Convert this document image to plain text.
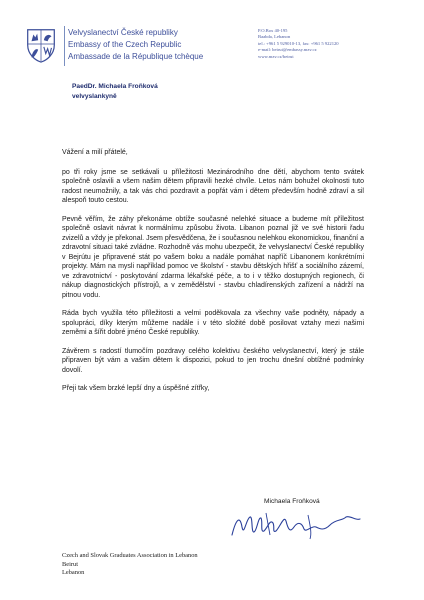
Velvyslanectví České republiky
Embassy of the Czech Republic
Ambassade de la République tchèque
P.O.Box 40-195
Baabda, Lebanon
tel.: +961 5 929010-13, fax: +961 5 922120
e-mail: beirut@embassy.mzv.cz
www.mzv.cz/beirut
PaedDr. Michaela Froňková
velvyslankyně

Vážení a milí přátelé,

po tři roky jsme se setkávali u příležitosti Mezinárodního dne dětí, abychom tento svátek společně oslavili a všem našim dětem připravili hezké chvíle. Letos nám bohužel okolnosti tuto radost neumožnily, a tak vás chci pozdravit a popřát vám i dětem především hodně zdraví a sil alespoň touto cestou.

Pevně věřím, že záhy překonáme obtíže současné nelehké situace a budeme mít příležitost společně oslavit návrat k normálnímu způsobu života. Libanon poznal již ve své historii řadu zvizelů a vždy je překonal. Jsem přesvědčena, že i současnou nelehkou ekonomickou, finanční a zdravotní situaci také zvládne. Rozhodně vás mohu ubezpečit, že velvyslanectví České republiky v Bejrútu je připravené stát po vašem boku a nadále pomáhat napříč Libanonem konkrétními projekty. Mám na mysli například pomoc ve školství - stavbu dětských hřišť a sociálního zázemí, ve zdravotnictví - poskytování zdarma lékařské péče, a to i v těžko dostupných regionech, či nákup diagnostických přístrojů, a v zemědělství - stavbu chladírenských zařízení a nádrží na pitnou vodu.

Ráda bych využila této příležitosti a velmi poděkovala za všechny vaše podněty, nápady a spolupráci, díky kterým můžeme nadále i v této složité době posilovat vztahy mezi našimi zeměmi a šířit dobré jméno České republiky.

Závěrem s radostí tlumočím pozdravy celého kolektivu českého velvyslanectví, který je stále připraven být vám a vašim dětem k dispozici, pokud to jen trochu dnešní obtížné podmínky dovolí.

Přeji tak všem brzké lepší dny a úspěšné zítřky,

Michaela Froňková
Czech and Slovak Graduates Association in Lebanon
Beirut
Lebanon
